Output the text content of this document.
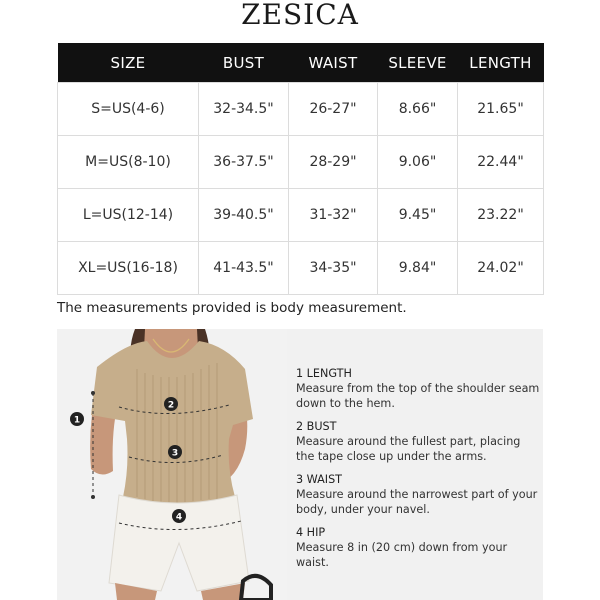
ZESICA
SIZE	BUST	WAIST	SLEEVE	LENGTH
S=US(4-6)	32-34.5"	26-27"	8.66"	21.65"
M=US(8-10)	36-37.5"	28-29"	9.06"	22.44"
L=US(12-14)	39-40.5"	31-32"	9.45"	23.22"
XL=US(16-18)	41-43.5"	34-35"	9.84"	24.02"
The measurements provided is body measurement.
1
2
3
4
1 LENGTH
Measure from the top of the shoulder seam down to the hem.
2 BUST
Measure around the fullest part, placing the tape close up under the arms.
3 WAIST
Measure around the narrowest part of your body, under your navel.
4 HIP
Measure 8 in (20 cm) down from your waist.
